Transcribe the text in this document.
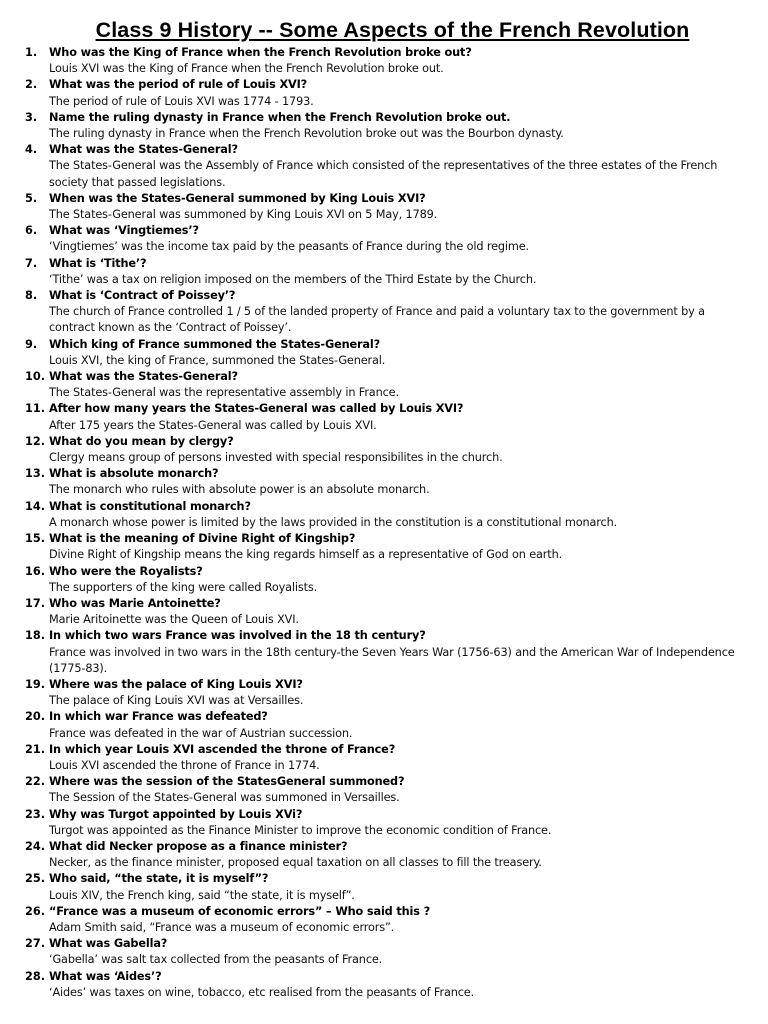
Class 9 History -- Some Aspects of the French Revolution
1.	Who was the King of France when the French Revolution broke out?
Louis XVI was the King of France when the French Revolution broke out.
2.	What was the period of rule of Louis XVI?
The period of rule of Louis XVI was 1774 - 1793.
3.	Name the ruling dynasty in France when the French Revolution broke out.
The ruling dynasty in France when the French Revolution broke out was the Bourbon dynasty.
4.	What was the States-General?
The States-General was the Assembly of France which consisted of the representatives of the three estates of the French society that passed legislations.
5.	When was the States-General summoned by King Louis XVI?
The States-General was summoned by King Louis XVI on 5 May, 1789.
6.	What was ‘Vingtiemes’?
‘Vingtiemes’ was the income tax paid by the peasants of France during the old regime.
7.	What is ‘Tithe’?
‘Tithe’ was a tax on religion imposed on the members of the Third Estate by the Church.
8.	What is ‘Contract of Poissey’?
The church of France controlled 1 / 5 of the landed property of France and paid a voluntary tax to the government by a contract known as the ‘Contract of Poissey’.
9.	Which king of France summoned the States-General?
Louis XVI, the king of France, summoned the States-General.
10. What was the States-General?
The States-General was the representative assembly in France.
11. After how many years the States-General was called by Louis XVI?
After 175 years the States-General was called by Louis XVI.
12. What do you mean by clergy?
Clergy means group of persons invested with special responsibilites in the church.
13. What is absolute monarch?
The monarch who rules with absolute power is an absolute monarch.
14. What is constitutional monarch?
A monarch whose power is limited by the laws provided in the constitution is a constitutional monarch.
15. What is the meaning of Divine Right of Kingship?
Divine Right of Kingship means the king regards himself as a representative of God on earth.
16. Who were the Royalists?
The supporters of the king were called Royalists.
17. Who was Marie Antoinette?
Marie Aritoinette was the Queen of Louis XVI.
18. In which two wars France was involved in the 18 th century?
France was involved in two wars in the 18th century-the Seven Years War (1756-63) and the American War of Independence (1775-83).
19. Where was the palace of King Louis XVI?
The palace of King Louis XVI was at Versailles.
20. In which war France was defeated?
France was defeated in the war of Austrian succession.
21. In which year Louis XVI ascended the throne of France?
Louis XVI ascended the throne of France in 1774.
22. Where was the session of the StatesGeneral summoned?
The Session of the States-General was summoned in Versailles.
23. Why was Turgot appointed by Louis XVi?
Turgot was appointed as the Finance Minister to improve the economic condition of France.
24. What did Necker propose as a finance minister?
Necker, as the finance minister, proposed equal taxation on all classes to fill the treasery.
25. Who said, “the state, it is myself”?
Louis XIV, the French king, said “the state, it is myself”.
26. “France was a museum of economic errors” – Who said this ?
Adam Smith said, “France was a museum of economic errors”.
27. What was Gabella?
‘Gabella’ was salt tax collected from the peasants of France.
28. What was ‘Aides’?
‘Aides’ was taxes on wine, tobacco, etc realised from the peasants of France.
